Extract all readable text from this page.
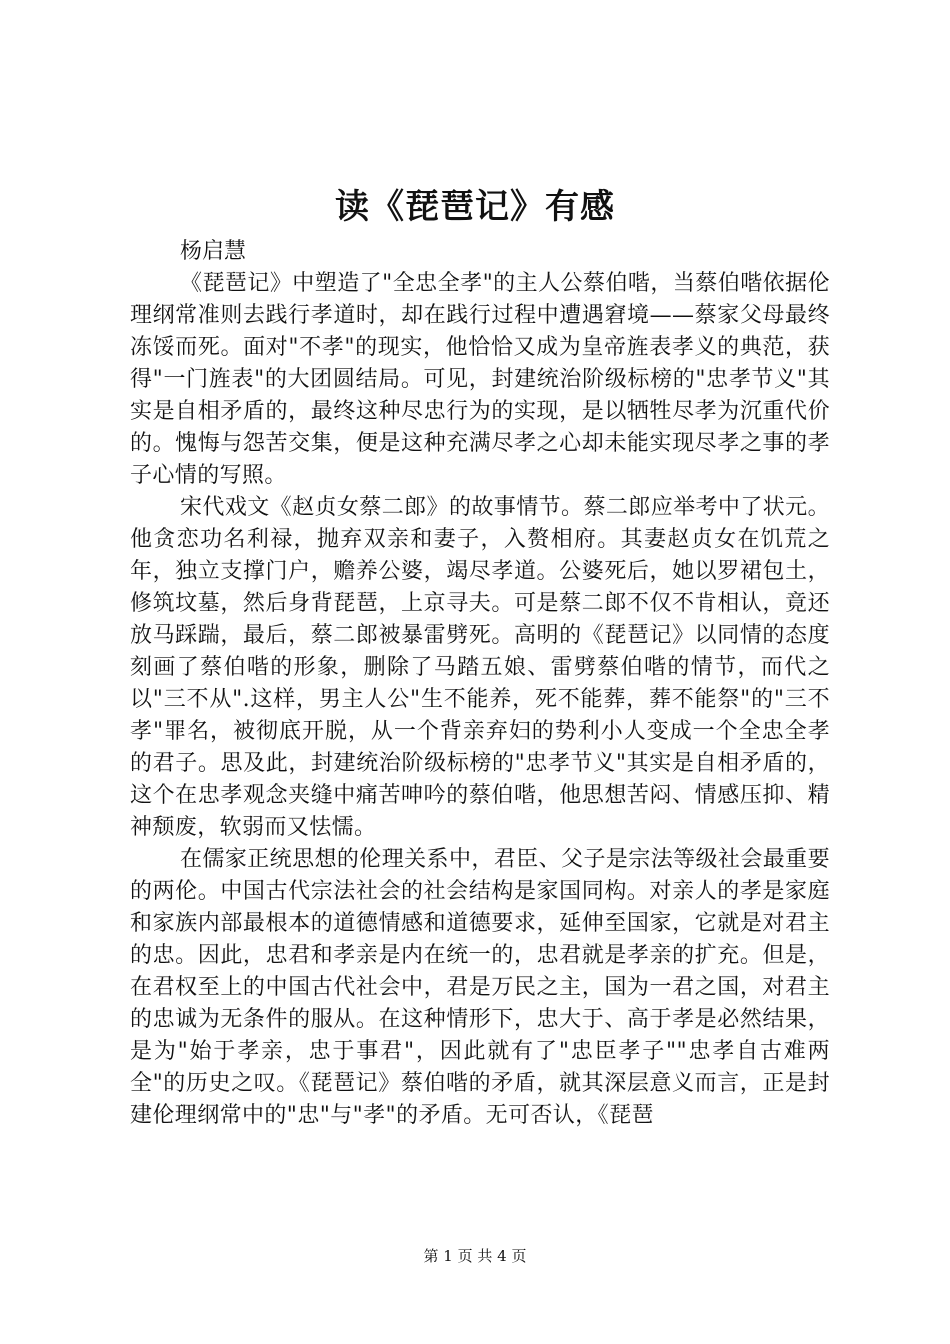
读《琵琶记》有感

杨启慧

《琵琶记》中塑造了"全忠全孝"的主人公蔡伯喈，当蔡伯喈依据伦理纲常准则去践行孝道时，却在践行过程中遭遇窘境——蔡家父母最终冻馁而死。面对"不孝"的现实，他恰恰又成为皇帝旌表孝义的典范，获得"一门旌表"的大团圆结局。可见，封建统治阶级标榜的"忠孝节义"其实是自相矛盾的，最终这种尽忠行为的实现，是以牺牲尽孝为沉重代价的。愧悔与怨苦交集，便是这种充满尽孝之心却未能实现尽孝之事的孝子心情的写照。

宋代戏文《赵贞女蔡二郎》的故事情节。蔡二郎应举考中了状元。他贪恋功名利禄，抛弃双亲和妻子，入赘相府。其妻赵贞女在饥荒之年，独立支撑门户，赡养公婆，竭尽孝道。公婆死后，她以罗裙包土，修筑坟墓，然后身背琵琶，上京寻夫。可是蔡二郎不仅不肯相认，竟还放马踩踹，最后，蔡二郎被暴雷劈死。高明的《琵琶记》以同情的态度刻画了蔡伯喈的形象，删除了马踏五娘、雷劈蔡伯喈的情节，而代之以"三不从".这样，男主人公"生不能养，死不能葬，葬不能祭"的"三不孝"罪名，被彻底开脱，从一个背亲弃妇的势利小人变成一个全忠全孝的君子。思及此，封建统治阶级标榜的"忠孝节义"其实是自相矛盾的，这个在忠孝观念夹缝中痛苦呻吟的蔡伯喈，他思想苦闷、情感压抑、精神颓废，软弱而又怯懦。

在儒家正统思想的伦理关系中，君臣、父子是宗法等级社会最重要的两伦。中国古代宗法社会的社会结构是家国同构。对亲人的孝是家庭和家族内部最根本的道德情感和道德要求，延伸至国家，它就是对君主的忠。因此，忠君和孝亲是内在统一的，忠君就是孝亲的扩充。但是，在君权至上的中国古代社会中，君是万民之主，国为一君之国，对君主的忠诚为无条件的服从。在这种情形下，忠大于、高于孝是必然结果，是为"始于孝亲，忠于事君"，因此就有了"忠臣孝子""忠孝自古难两全"的历史之叹。《琵琶记》蔡伯喈的矛盾，就其深层意义而言，正是封建伦理纲常中的"忠"与"孝"的矛盾。无可否认，《琵琶

第 1 页 共 4 页
